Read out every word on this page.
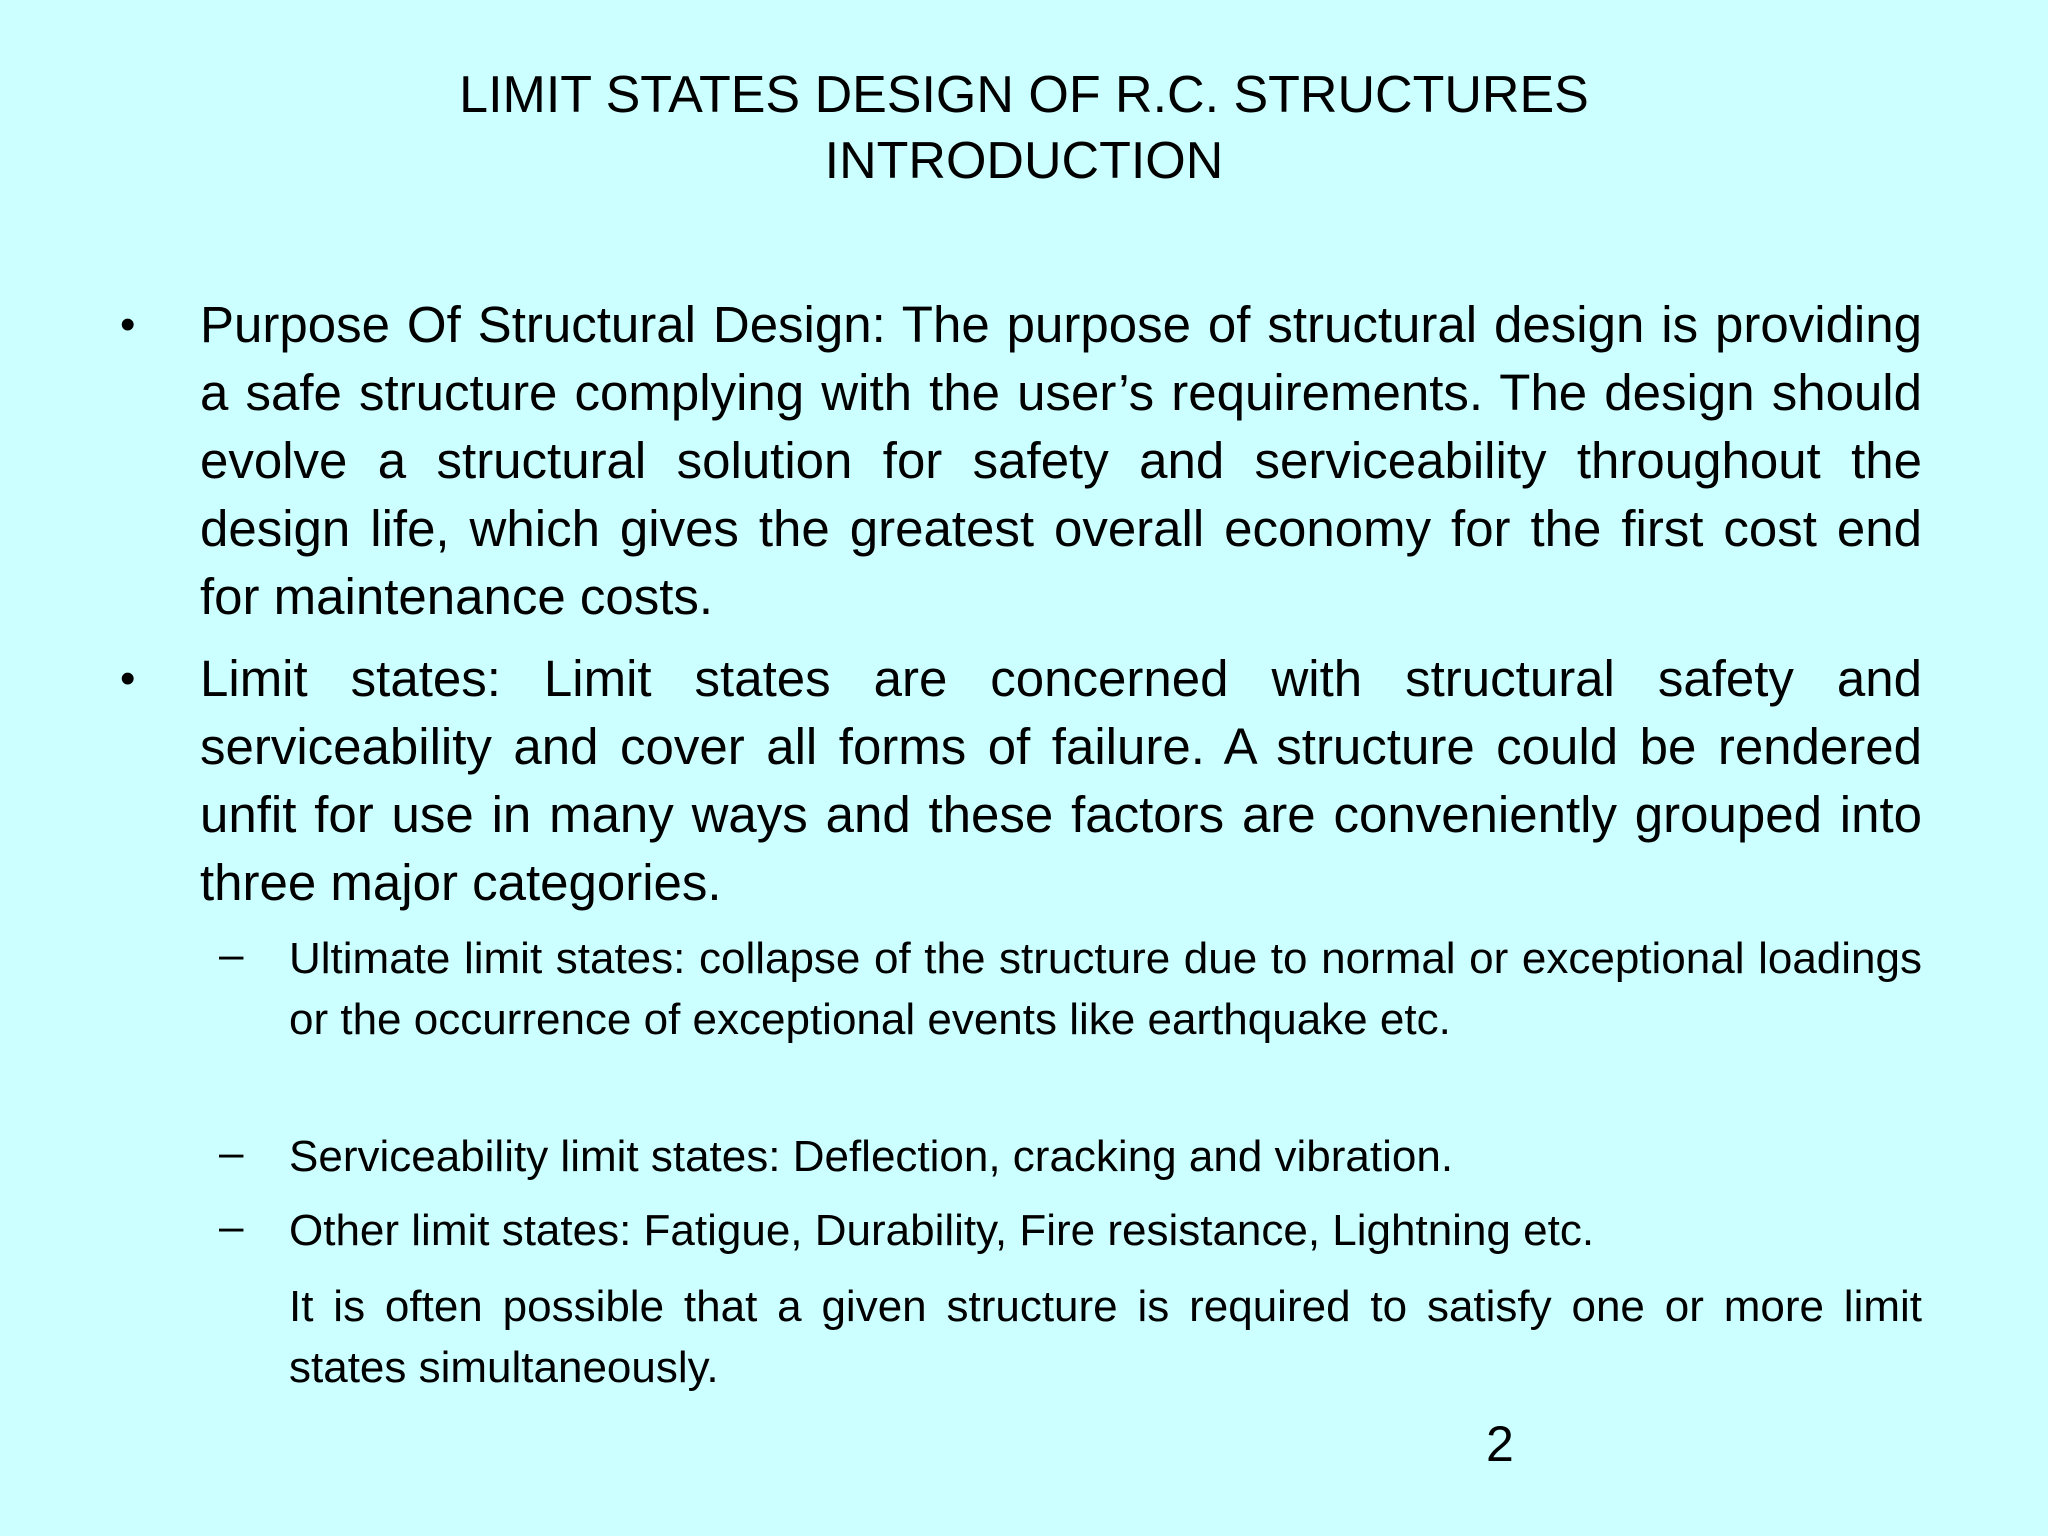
LIMIT STATES DESIGN OF R.C. STRUCTURES
INTRODUCTION
• Purpose Of Structural Design: The purpose of structural design is providing a safe structure complying with the user’s requirements. The design should evolve a structural solution for safety and serviceability throughout the design life, which gives the greatest overall economy for the first cost end for maintenance costs.
• Limit states: Limit states are concerned with structural safety and serviceability and cover all forms of failure. A structure could be rendered unfit for use in many ways and these factors are conveniently grouped into three major categories.
– Ultimate limit states: collapse of the structure due to normal or exceptional loadings or the occurrence of exceptional events like earthquake etc.
– Serviceability limit states: Deflection, cracking and vibration.
– Other limit states: Fatigue, Durability, Fire resistance, Lightning etc.
It is often possible that a given structure is required to satisfy one or more limit states simultaneously.
2
